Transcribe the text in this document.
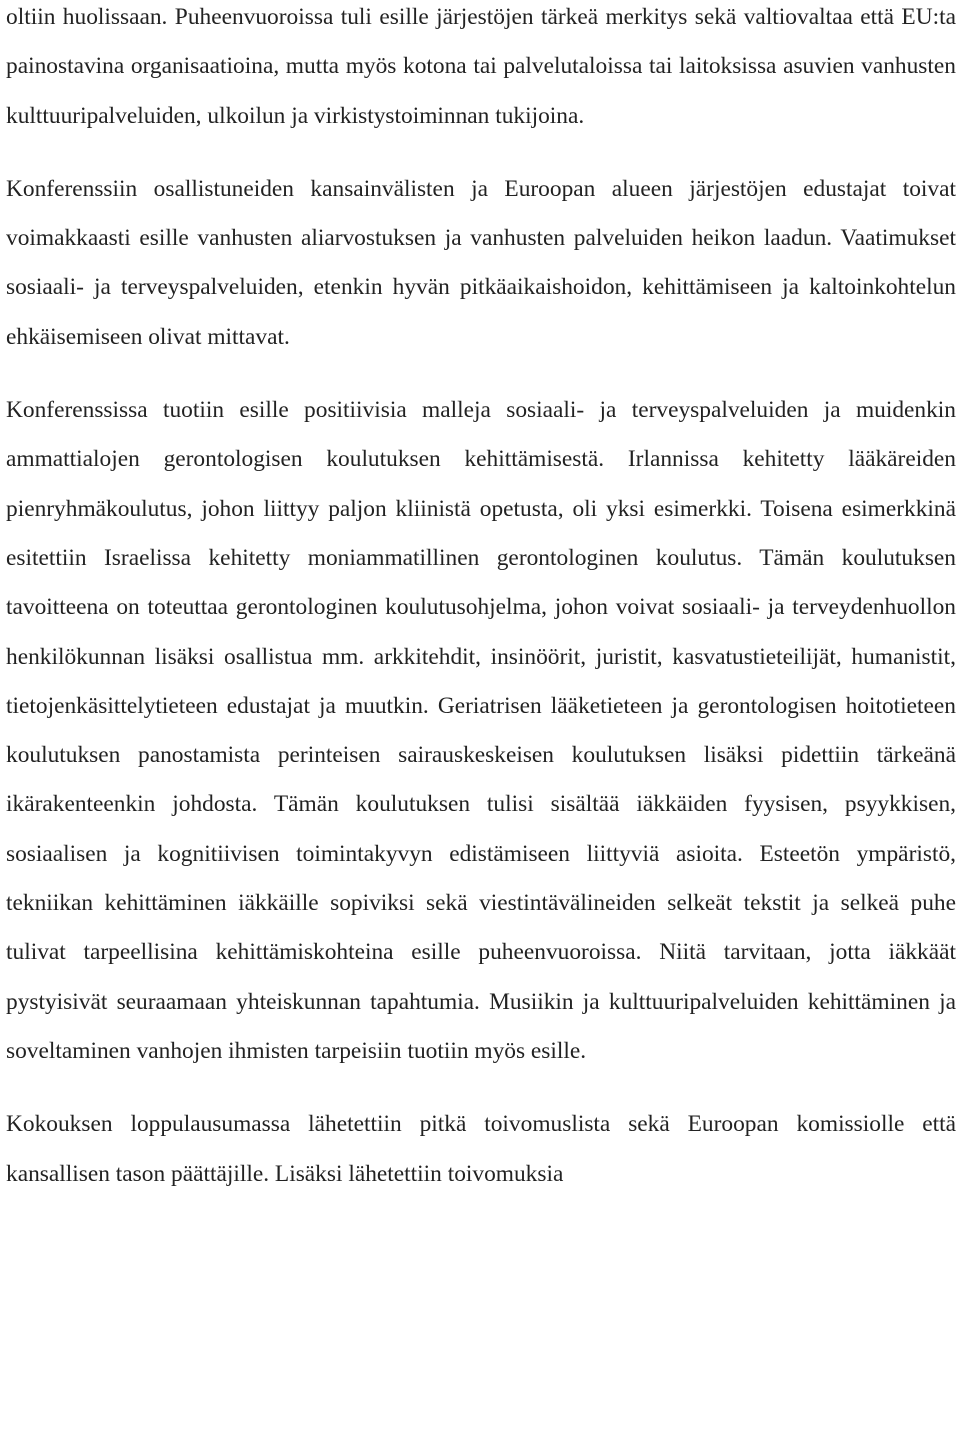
oltiin huolissaan. Puheenvuoroissa tuli esille järjestöjen tärkeä merkitys sekä valtiovaltaa että EU:ta painostavina organisaatioina, mutta myös kotona tai palvelutaloissa tai laitoksissa asuvien vanhusten kulttuuripalveluiden, ulkoilun ja virkistystoiminnan tukijoina.

Konferenssiin osallistuneiden kansainvälisten ja Euroopan alueen järjestöjen edustajat toivat voimakkaasti esille vanhusten aliarvostuksen ja vanhusten palveluiden heikon laadun. Vaatimukset sosiaali- ja terveyspalveluiden, etenkin hyvän pitkäaikaishoidon, kehittämiseen ja kaltoinkohtelun ehkäisemiseen olivat mittavat.

Konferenssissa tuotiin esille positiivisia malleja sosiaali- ja terveyspalveluiden ja muidenkin ammattialojen gerontologisen koulutuksen kehittämisestä. Irlannissa kehitetty lääkäreiden pienryhmäkoulutus, johon liittyy paljon kliinistä opetusta, oli yksi esimerkki. Toisena esimerkkinä esitettiin Israelissa kehitetty moniammatillinen gerontologinen koulutus. Tämän koulutuksen tavoitteena on toteuttaa gerontologinen koulutusohjelma, johon voivat sosiaali- ja terveydenhuollon henkilökunnan lisäksi osallistua mm. arkkitehdit, insinöörit, juristit, kasvatustieteilijät, humanistit, tietojenkäsittelytieteen edustajat ja muutkin. Geriatrisen lääketieteen ja gerontologisen hoitotieteen koulutuksen panostamista perinteisen sairauskeskeisen koulutuksen lisäksi pidettiin tärkeänä ikärakenteenkin johdosta. Tämän koulutuksen tulisi sisältää iäkkäiden fyysisen, psyykkisen, sosiaalisen ja kognitiivisen toimintakyvyn edistämiseen liittyviä asioita. Esteetön ympäristö, tekniikan kehittäminen iäkkäille sopiviksi sekä viestintävälineiden selkeät tekstit ja selkeä puhe tulivat tarpeellisina kehittämiskohteina esille puheenvuoroissa. Niitä tarvitaan, jotta iäkkäät pystyisivät seuraamaan yhteiskunnan tapahtumia. Musiikin ja kulttuuripalveluiden kehittäminen ja soveltaminen vanhojen ihmisten tarpeisiin tuotiin myös esille.

Kokouksen loppulausumassa lähetettiin pitkä toivomuslista sekä Euroopan komissiolle että kansallisen tason päättäjille. Lisäksi lähetettiin toivomuksia
